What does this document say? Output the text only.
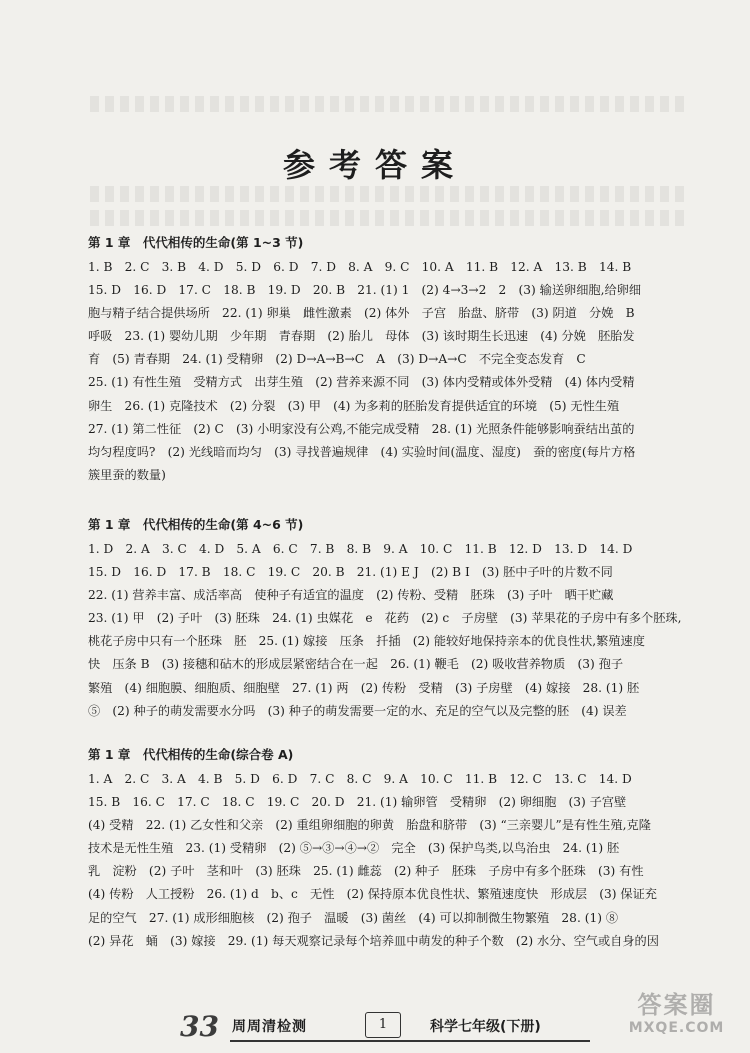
参考答案
第 1 章　代代相传的生命(第 1~3 节)
1. B　2. C　3. B　4. D　5. D　6. D　7. D　8. A　9. C　10. A　11. B　12. A　13. B　14. B
15. D　16. D　17. C　18. B　19. D　20. B　21. (1) 1　(2) 4→3→2　2　(3) 输送卵细胞,给卵细
胞与精子结合提供场所　22. (1) 卵巢　雌性激素　(2) 体外　子宫　胎盘、脐带　(3) 阴道　分娩　B
呼吸　23. (1) 婴幼儿期　少年期　青春期　(2) 胎儿　母体　(3) 该时期生长迅速　(4) 分娩　胚胎发
育　(5) 青春期　24. (1) 受精卵　(2) D→A→B→C　A　(3) D→A→C　不完全变态发育　C
25. (1) 有性生殖　受精方式　出芽生殖　(2) 营养来源不同　(3) 体内受精或体外受精　(4) 体内受精
卵生　26. (1) 克隆技术　(2) 分裂　(3) 甲　(4) 为多莉的胚胎发育提供适宜的环境　(5) 无性生殖
27. (1) 第二性征　(2) C　(3) 小明家没有公鸡,不能完成受精　28. (1) 光照条件能够影响蚕结出茧的
均匀程度吗?　(2) 光线暗而均匀　(3) 寻找普遍规律　(4) 实验时间(温度、湿度)　蚕的密度(每片方格
簇里蚕的数量)
第 1 章　代代相传的生命(第 4~6 节)
1. D　2. A　3. C　4. D　5. A　6. C　7. B　8. B　9. A　10. C　11. B　12. D　13. D　14. D
15. D　16. D　17. B　18. C　19. C　20. B　21. (1) E J　(2) B I　(3) 胚中子叶的片数不同
22. (1) 营养丰富、成活率高　使种子有适宜的温度　(2) 传粉、受精　胚珠　(3) 子叶　晒干贮藏
23. (1) 甲　(2) 子叶　(3) 胚珠　24. (1) 虫媒花　e　花药　(2) c　子房壁　(3) 苹果花的子房中有多个胚珠,
桃花子房中只有一个胚珠　胚　25. (1) 嫁接　压条　扦插　(2) 能较好地保持亲本的优良性状,繁殖速度
快　压条 B　(3) 接穗和砧木的形成层紧密结合在一起　26. (1) 鞭毛　(2) 吸收营养物质　(3) 孢子
繁殖　(4) 细胞膜、细胞质、细胞壁　27. (1) 两　(2) 传粉　受精　(3) 子房壁　(4) 嫁接　28. (1) 胚
⑤　(2) 种子的萌发需要水分吗　(3) 种子的萌发需要一定的水、充足的空气以及完整的胚　(4) 误差
第 1 章　代代相传的生命(综合卷 A)
1. A　2. C　3. A　4. B　5. D　6. D　7. C　8. C　9. A　10. C　11. B　12. C　13. C　14. D
15. B　16. C　17. C　18. C　19. C　20. D　21. (1) 输卵管　受精卵　(2) 卵细胞　(3) 子宫壁
(4) 受精　22. (1) 乙女性和父亲　(2) 重组卵细胞的卵黄　胎盘和脐带　(3) “三亲婴儿”是有性生殖,克隆
技术是无性生殖　23. (1) 受精卵　(2) ⑤→③→④→②　完全　(3) 保护鸟类,以鸟治虫　24. (1) 胚
乳　淀粉　(2) 子叶　茎和叶　(3) 胚珠　25. (1) 雌蕊　(2) 种子　胚珠　子房中有多个胚珠　(3) 有性
(4) 传粉　人工授粉　26. (1) d　b、c　无性　(2) 保持原本优良性状、繁殖速度快　形成层　(3) 保证充
足的空气　27. (1) 成形细胞核　(2) 孢子　温暖　(3) 菌丝　(4) 可以抑制微生物繁殖　28. (1) ⑧
(2) 异花　蛹　(3) 嫁接　29. (1) 每天观察记录每个培养皿中萌发的种子个数　(2) 水分、空气或自身的因
33 周周清检测	1	科学七年级(下册)
答案圈
MXQE.COM
